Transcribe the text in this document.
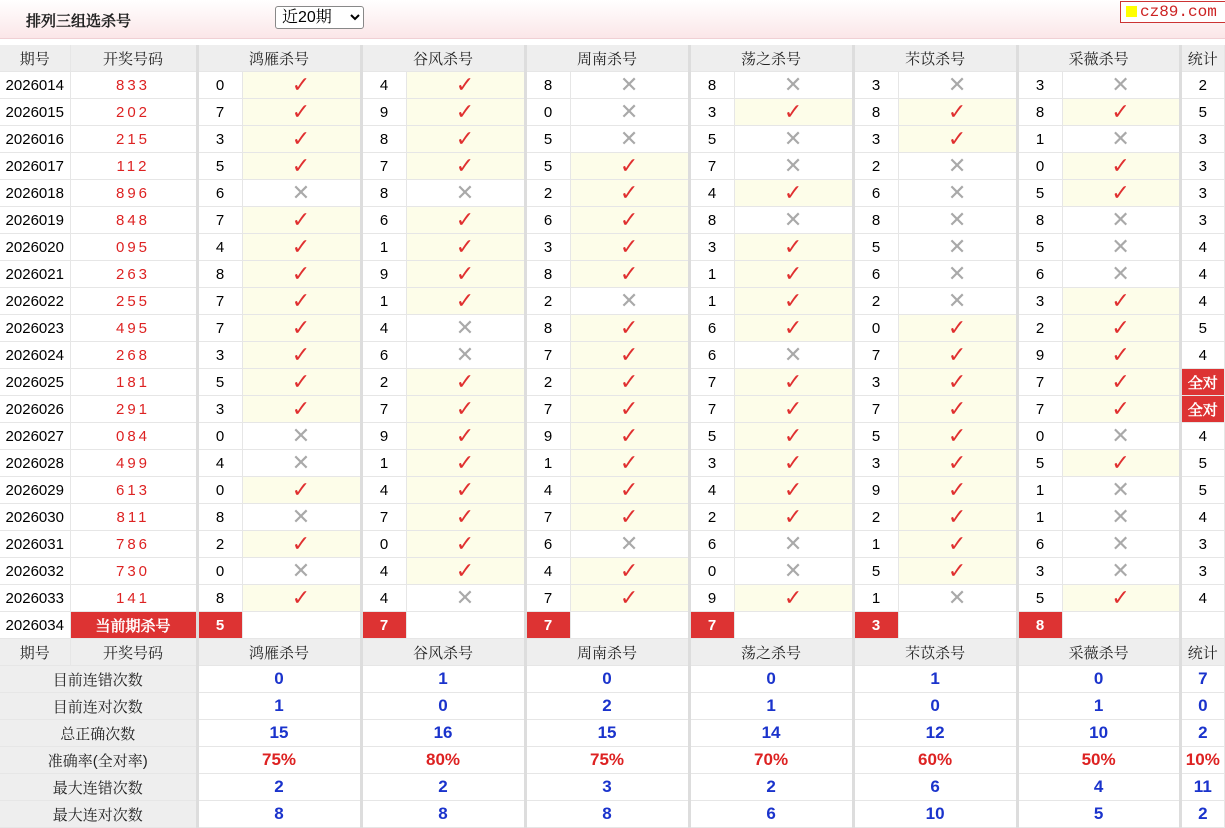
排列三组选杀号
近20期
cz89.com
期号	开奖号码	鸿雁杀号		谷风杀号		周南杀号		荡之杀号		芣苡杀号		采薇杀号		统计
2026014	833	0	✓	4	✓	8	✕	8	✕	3	✕	3	✕	2
2026015	202	7	✓	9	✓	0	✕	3	✓	8	✓	8	✓	5
2026016	215	3	✓	8	✓	5	✕	5	✕	3	✓	1	✕	3
2026017	112	5	✓	7	✓	5	✓	7	✕	2	✕	0	✓	3
2026018	896	6	✕	8	✕	2	✓	4	✓	6	✕	5	✓	3
2026019	848	7	✓	6	✓	6	✓	8	✕	8	✕	8	✕	3
2026020	095	4	✓	1	✓	3	✓	3	✓	5	✕	5	✕	4
2026021	263	8	✓	9	✓	8	✓	1	✓	6	✕	6	✕	4
2026022	255	7	✓	1	✓	2	✕	1	✓	2	✕	3	✓	4
2026023	495	7	✓	4	✕	8	✓	6	✓	0	✓	2	✓	5
2026024	268	3	✓	6	✕	7	✓	6	✕	7	✓	9	✓	4
2026025	181	5	✓	2	✓	2	✓	7	✓	3	✓	7	✓	全对
2026026	291	3	✓	7	✓	7	✓	7	✓	7	✓	7	✓	全对
2026027	084	0	✕	9	✓	9	✓	5	✓	5	✓	0	✕	4
2026028	499	4	✕	1	✓	1	✓	3	✓	3	✓	5	✓	5
2026029	613	0	✓	4	✓	4	✓	4	✓	9	✓	1	✕	5
2026030	811	8	✕	7	✓	7	✓	2	✓	2	✓	1	✕	4
2026031	786	2	✓	0	✓	6	✕	6	✕	1	✓	6	✕	3
2026032	730	0	✕	4	✓	4	✓	0	✕	5	✓	3	✕	3
2026033	141	8	✓	4	✕	7	✓	9	✓	1	✕	5	✓	4
2026034	当前期杀号	5		7		7		7		3		8		
期号	开奖号码	鸿雁杀号		谷风杀号		周南杀号		荡之杀号		芣苡杀号		采薇杀号		统计
目前连错次数		0		1		0		0		1		0		7
目前连对次数		1		0		2		1		0		1		0
总正确次数		15		16		15		14		12		10		2
准确率(全对率)		75%		80%		75%		70%		60%		50%		10%
最大连错次数		2		2		3		2		6		4		11
最大连对次数		8		8		8		6		10		5		2
